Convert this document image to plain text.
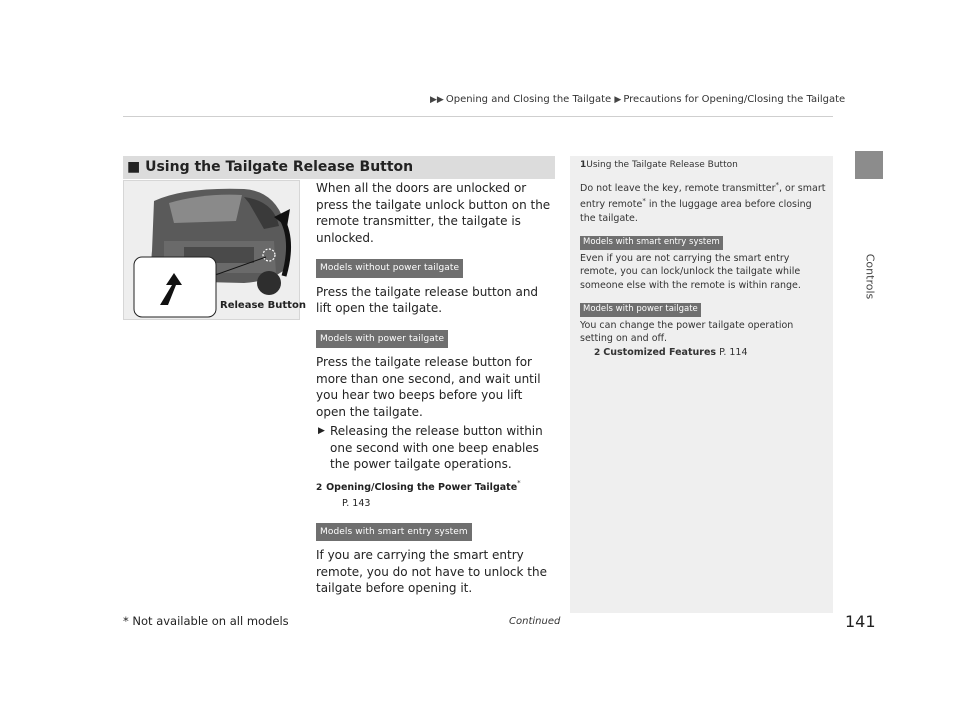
▶▶ Opening and Closing the Tailgate ▶ Precautions for Opening/Closing the Tailgate
Controls
■ Using the Tailgate Release Button
Release Button

When all the doors are unlocked or press the tailgate unlock button on the remote transmitter, the tailgate is unlocked.

Models without power tailgate

Press the tailgate release button and lift open the tailgate.

Models with power tailgate

Press the tailgate release button for more than one second, and wait until you hear two beeps before you lift open the tailgate.

▶ Releasing the release button within one second with one beep enables the power tailgate operations.
2 Opening/Closing the Power Tailgate*
P. 143
Models with smart entry system

If you are carrying the smart entry remote, you do not have to unlock the tailgate before opening it.

1Using the Tailgate Release Button

Do not leave the key, remote transmitter*, or smart entry remote* in the luggage area before closing the tailgate.

Models with smart entry system

Even if you are not carrying the smart entry remote, you can lock/unlock the tailgate while someone else with the remote is within range.

Models with power tailgate

You can change the power tailgate operation setting on and off.

2 Customized Features P. 114
* Not available on all models	Continued	141
